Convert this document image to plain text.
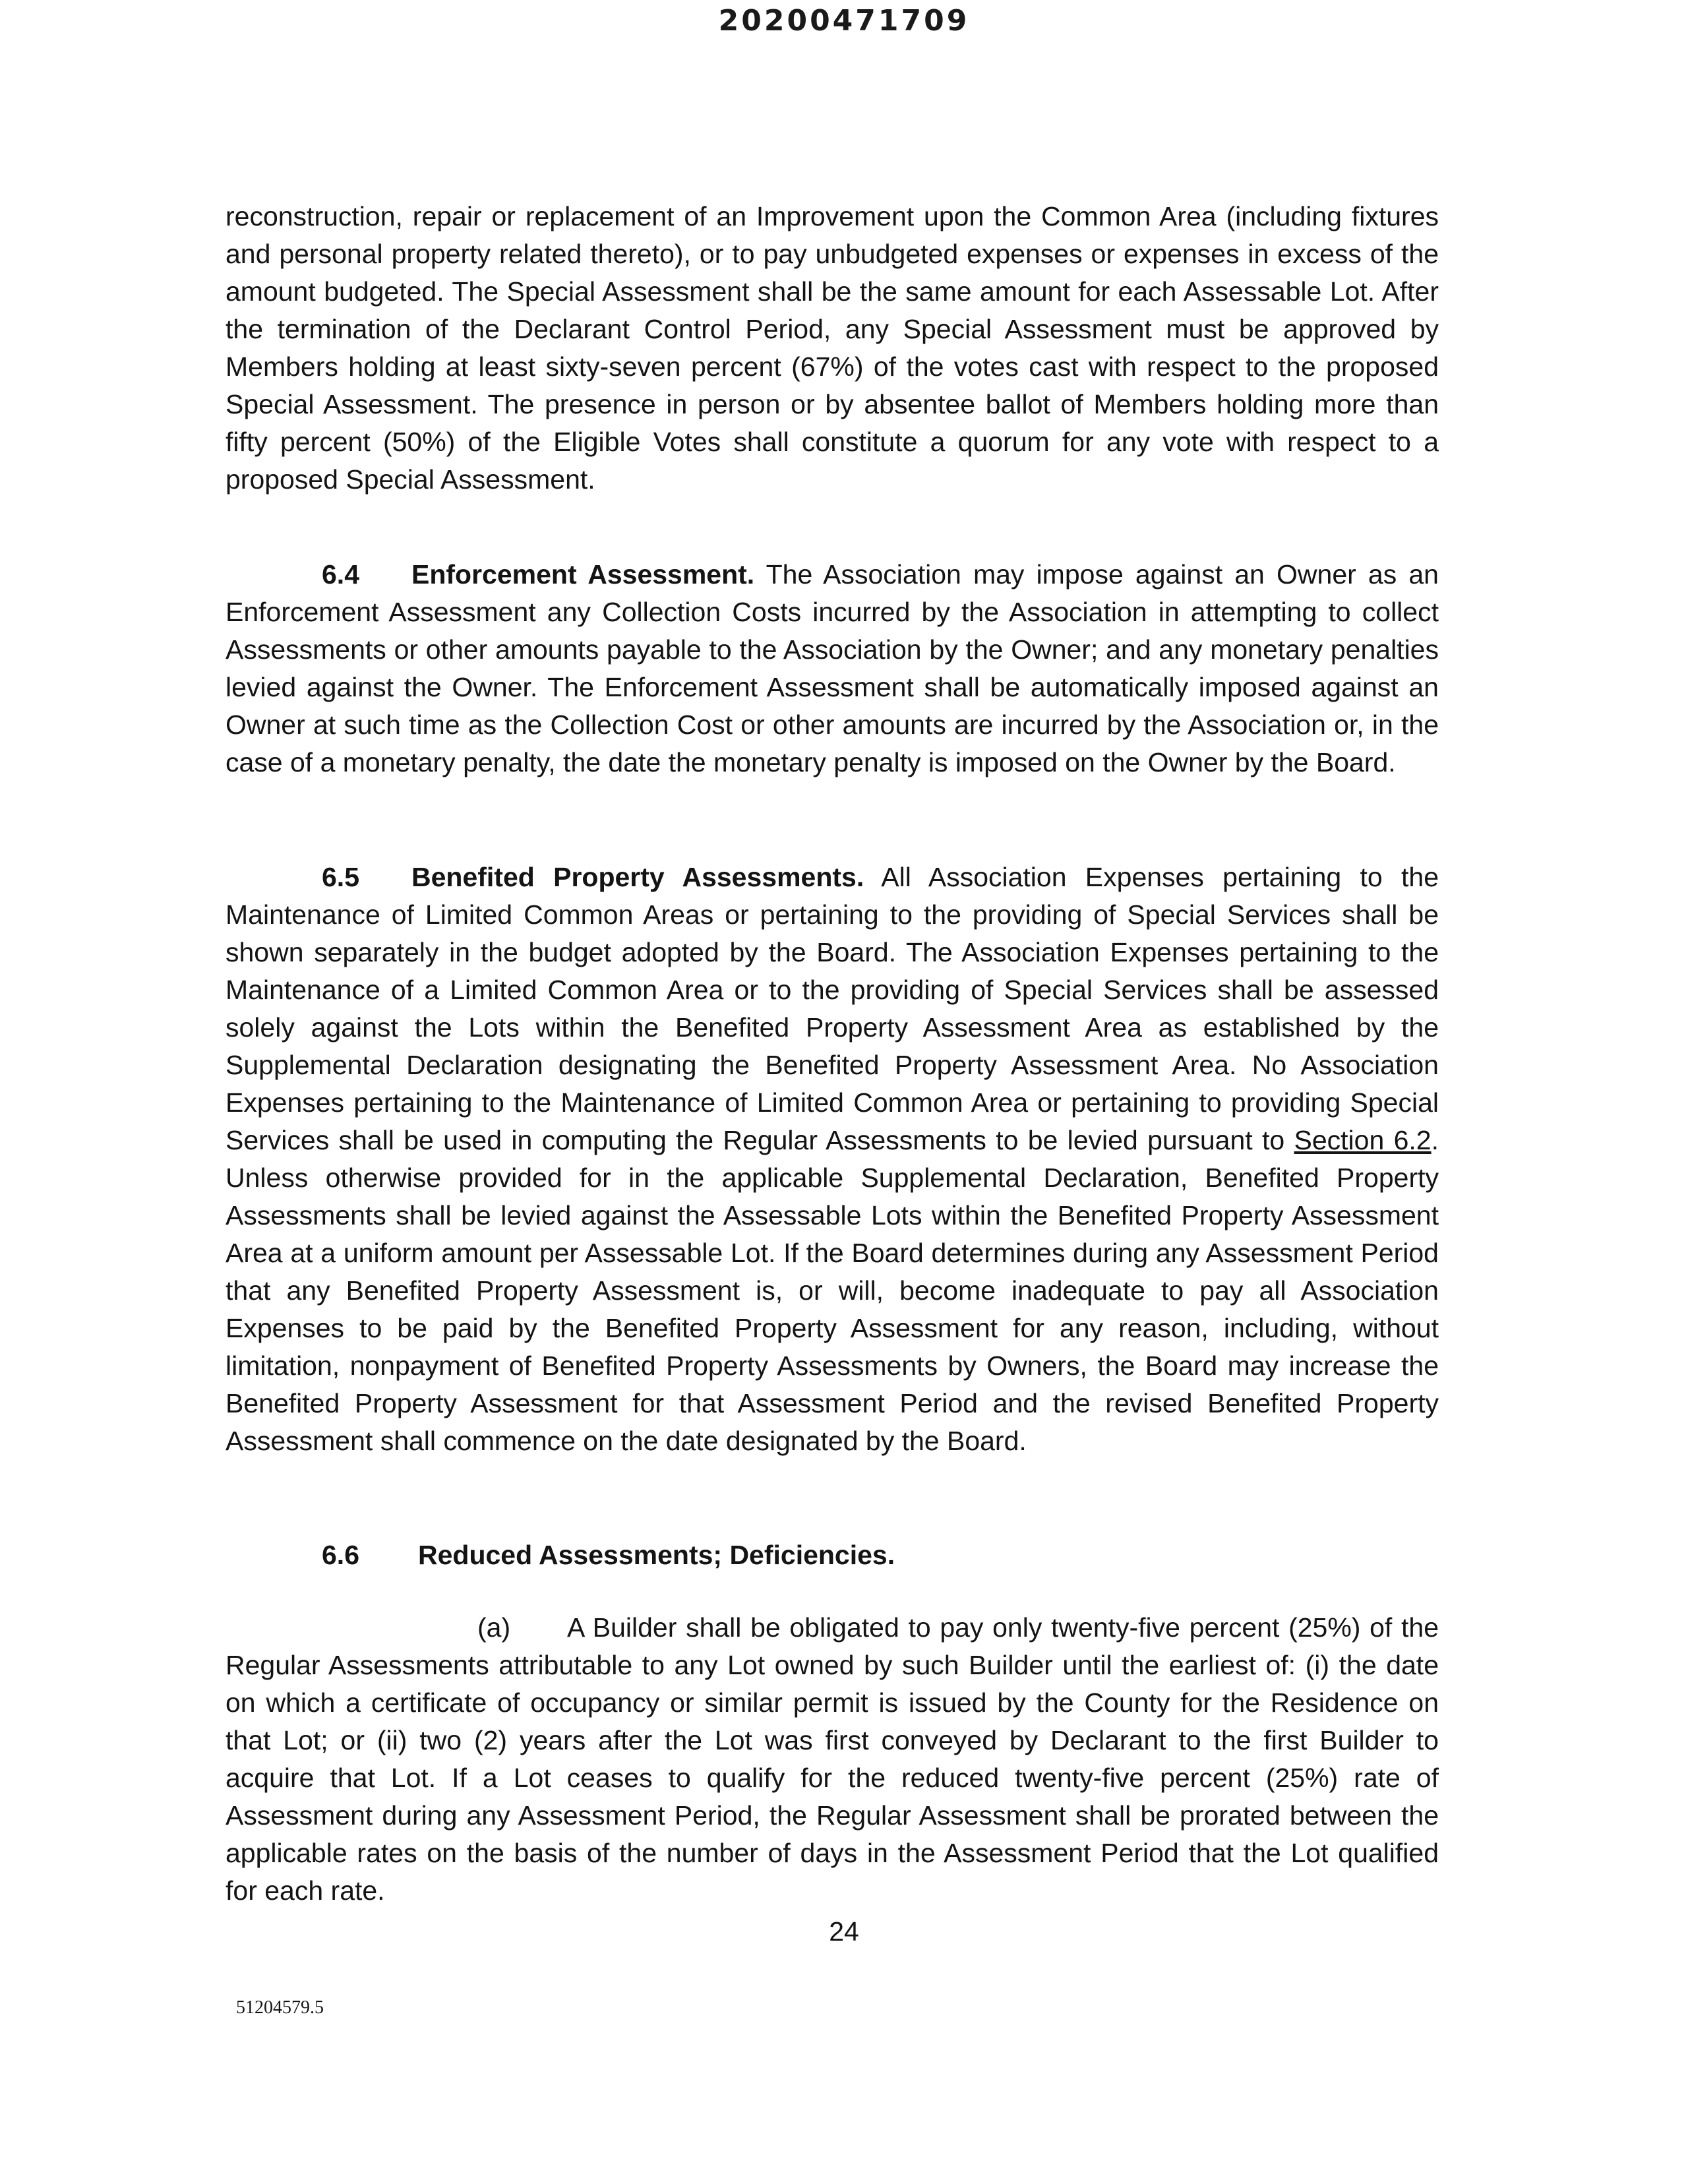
20200471709

reconstruction, repair or replacement of an Improvement upon the Common Area (including fixtures and personal property related thereto), or to pay unbudgeted expenses or expenses in excess of the amount budgeted. The Special Assessment shall be the same amount for each Assessable Lot. After the termination of the Declarant Control Period, any Special Assessment must be approved by Members holding at least sixty-seven percent (67%) of the votes cast with respect to the proposed Special Assessment. The presence in person or by absentee ballot of Members holding more than fifty percent (50%) of the Eligible Votes shall constitute a quorum for any vote with respect to a proposed Special Assessment.

6.4 Enforcement Assessment. The Association may impose against an Owner as an Enforcement Assessment any Collection Costs incurred by the Association in attempting to collect Assessments or other amounts payable to the Association by the Owner; and any monetary penalties levied against the Owner. The Enforcement Assessment shall be automatically imposed against an Owner at such time as the Collection Cost or other amounts are incurred by the Association or, in the case of a monetary penalty, the date the monetary penalty is imposed on the Owner by the Board.

6.5 Benefited Property Assessments. All Association Expenses pertaining to the Maintenance of Limited Common Areas or pertaining to the providing of Special Services shall be shown separately in the budget adopted by the Board. The Association Expenses pertaining to the Maintenance of a Limited Common Area or to the providing of Special Services shall be assessed solely against the Lots within the Benefited Property Assessment Area as established by the Supplemental Declaration designating the Benefited Property Assessment Area. No Association Expenses pertaining to the Maintenance of Limited Common Area or pertaining to providing Special Services shall be used in computing the Regular Assessments to be levied pursuant to Section 6.2. Unless otherwise provided for in the applicable Supplemental Declaration, Benefited Property Assessments shall be levied against the Assessable Lots within the Benefited Property Assessment Area at a uniform amount per Assessable Lot. If the Board determines during any Assessment Period that any Benefited Property Assessment is, or will, become inadequate to pay all Association Expenses to be paid by the Benefited Property Assessment for any reason, including, without limitation, nonpayment of Benefited Property Assessments by Owners, the Board may increase the Benefited Property Assessment for that Assessment Period and the revised Benefited Property Assessment shall commence on the date designated by the Board.

6.6 Reduced Assessments; Deficiencies.

(a) A Builder shall be obligated to pay only twenty-five percent (25%) of the Regular Assessments attributable to any Lot owned by such Builder until the earliest of: (i) the date on which a certificate of occupancy or similar permit is issued by the County for the Residence on that Lot; or (ii) two (2) years after the Lot was first conveyed by Declarant to the first Builder to acquire that Lot. If a Lot ceases to qualify for the reduced twenty-five percent (25%) rate of Assessment during any Assessment Period, the Regular Assessment shall be prorated between the applicable rates on the basis of the number of days in the Assessment Period that the Lot qualified for each rate.

24
51204579.5
